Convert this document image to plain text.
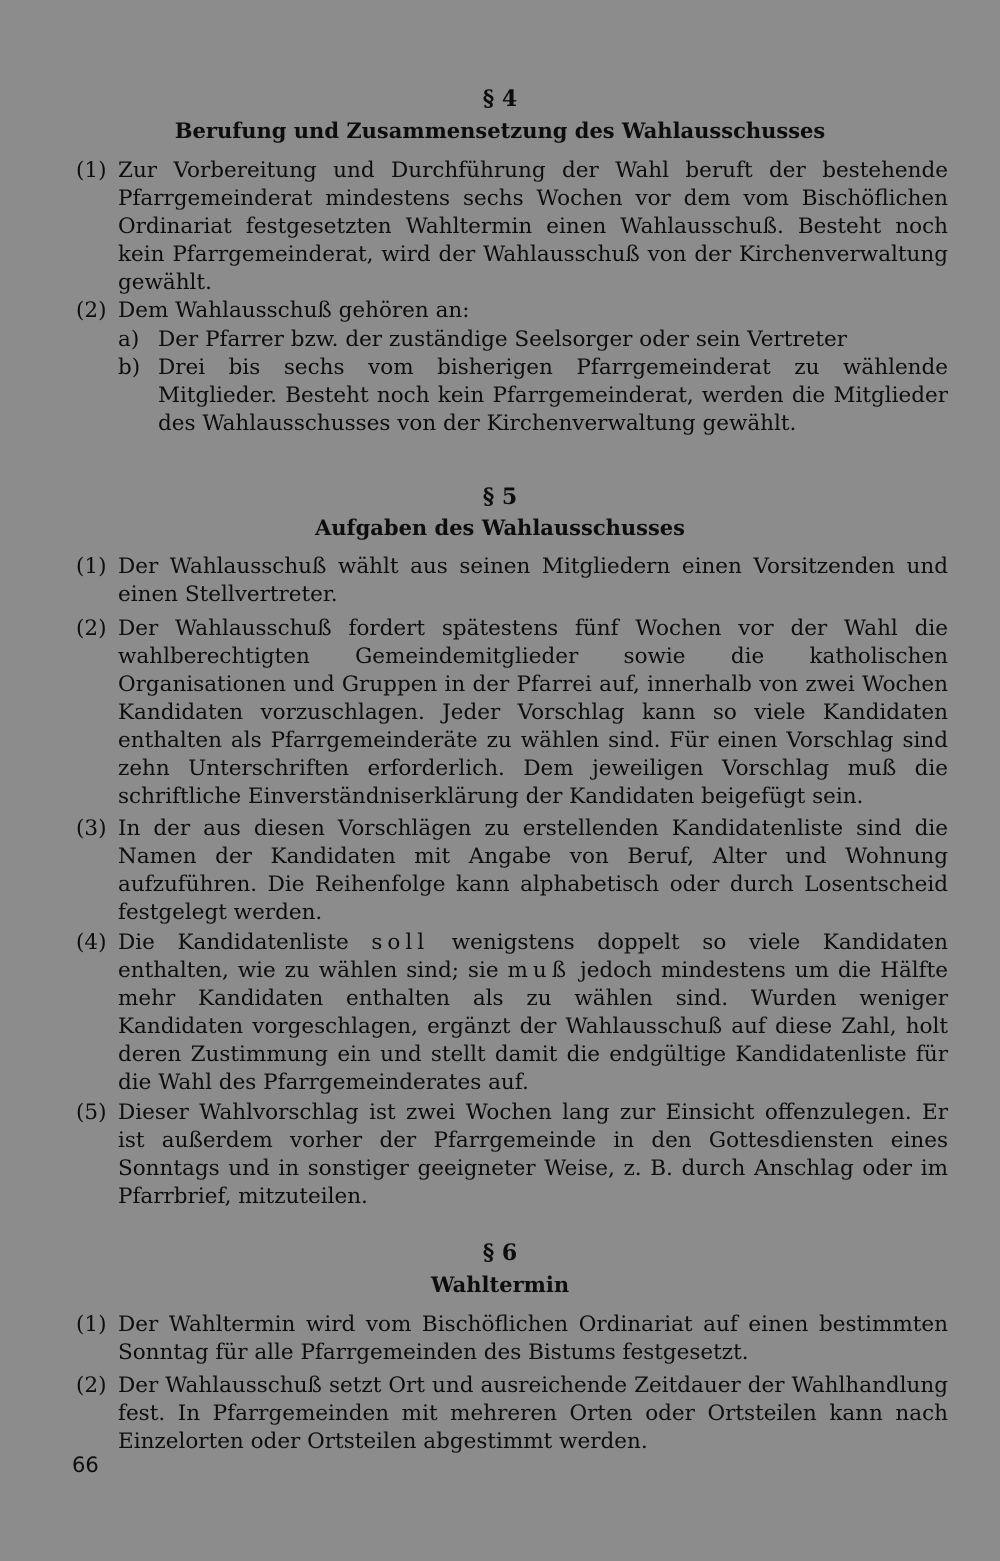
§ 4
Berufung und Zusammensetzung des Wahlausschusses
(1) Zur Vorbereitung und Durchführung der Wahl beruft der bestehende Pfarrgemeinderat mindestens sechs Wochen vor dem vom Bischöflichen Ordinariat festgesetzten Wahltermin einen Wahlausschuß. Besteht noch kein Pfarrgemeinderat, wird der Wahlausschuß von der Kirchenverwaltung gewählt.
(2) Dem Wahlausschuß gehören an:
a) Der Pfarrer bzw. der zuständige Seelsorger oder sein Vertreter
b) Drei bis sechs vom bisherigen Pfarrgemeinderat zu wählende Mitglieder. Besteht noch kein Pfarrgemeinderat, werden die Mitglieder des Wahlausschusses von der Kirchenverwaltung gewählt.
§ 5
Aufgaben des Wahlausschusses
(1) Der Wahlausschuß wählt aus seinen Mitgliedern einen Vorsitzenden und einen Stellvertreter.
(2) Der Wahlausschuß fordert spätestens fünf Wochen vor der Wahl die wahlberechtigten Gemeindemitglieder sowie die katholischen Organisationen und Gruppen in der Pfarrei auf, innerhalb von zwei Wochen Kandidaten vorzuschlagen. Jeder Vorschlag kann so viele Kandidaten enthalten als Pfarrgemeinderäte zu wählen sind. Für einen Vorschlag sind zehn Unterschriften erforderlich. Dem jeweiligen Vorschlag muß die schriftliche Einverständniserklärung der Kandidaten beigefügt sein.
(3) In der aus diesen Vorschlägen zu erstellenden Kandidatenliste sind die Namen der Kandidaten mit Angabe von Beruf, Alter und Wohnung aufzuführen. Die Reihenfolge kann alphabetisch oder durch Losentscheid festgelegt werden.
(4) Die Kandidatenliste soll wenigstens doppelt so viele Kandidaten enthalten, wie zu wählen sind; sie muß jedoch mindestens um die Hälfte mehr Kandidaten enthalten als zu wählen sind. Wurden weniger Kandidaten vorgeschlagen, ergänzt der Wahlausschuß auf diese Zahl, holt deren Zustimmung ein und stellt damit die endgültige Kandidatenliste für die Wahl des Pfarrgemeinderates auf.
(5) Dieser Wahlvorschlag ist zwei Wochen lang zur Einsicht offenzulegen. Er ist außerdem vorher der Pfarrgemeinde in den Gottesdiensten eines Sonntags und in sonstiger geeigneter Weise, z. B. durch Anschlag oder im Pfarrbrief, mitzuteilen.
§ 6
Wahltermin
(1) Der Wahltermin wird vom Bischöflichen Ordinariat auf einen bestimmten Sonntag für alle Pfarrgemeinden des Bistums festgesetzt.
(2) Der Wahlausschuß setzt Ort und ausreichende Zeitdauer der Wahlhandlung fest. In Pfarrgemeinden mit mehreren Orten oder Ortsteilen kann nach Einzelorten oder Ortsteilen abgestimmt werden.
66
